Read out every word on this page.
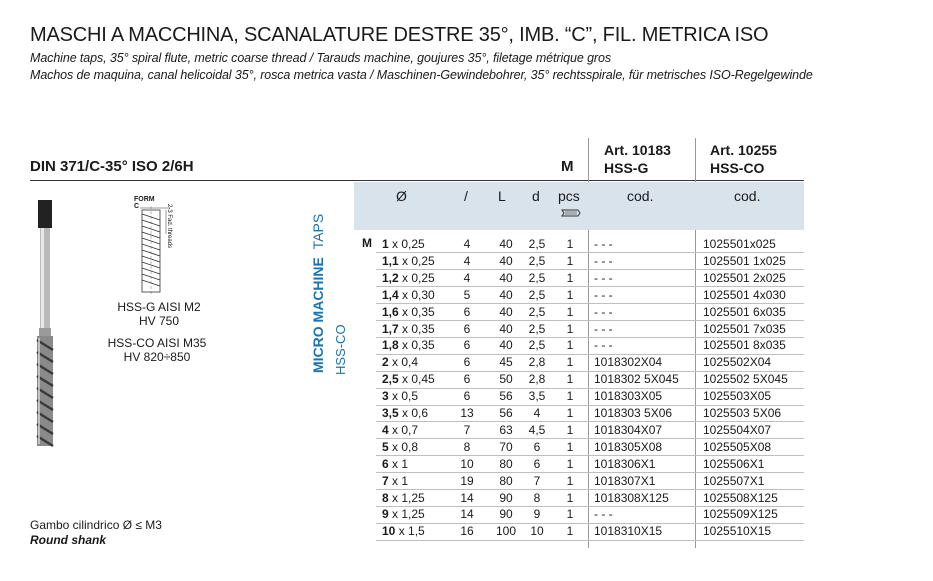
MASCHI A MACCHINA, SCANALATURE DESTRE 35°, IMB. “C”, FIL. METRICA ISO
Machine taps, 35° spiral flute, metric coarse thread / Tarauds machine, goujures 35°, filetage métrique gros
Machos de maquina, canal helicoidal 35°, rosca metrica vasta / Maschinen-Gewindebohrer, 35° rechtsspirale, für metrisches ISO-Regelgewinde
DIN 371/C-35° ISO 2/6H	M
Art. 10183
HSS-G
Art. 10255
HSS-CO
FORM C	2-3 Fad. threads
HSS-G AISI M2
HV 750
HSS-CO AISI M35
HV 820÷850
Gambo cilindrico Ø ≤ M3
Round shank
MICRO MACHINE  TAPS
HSS-CO
Ø	/ L d pcs	cod.	cod.
M 1 x 0,25	4	40	2,5	1	- - -	1025501x025
1,1 x 0,25	4	40	2,5	1	- - -	1025501 1x025
1,2 x 0,25	4	40	2,5	1	- - -	1025501 2x025
1,4 x 0,30	5	40	2,5	1	- - -	1025501 4x030
1,6 x 0,35	6	40	2,5	1	- - -	1025501 6x035
1,7 x 0,35	6	40	2,5	1	- - -	1025501 7x035
1,8 x 0,35	6	40	2,5	1	- - -	1025501 8x035
2 x 0,4	6	45	2,8	1	1018302X04	1025502X04
2,5 x 0,45	6	50	2,8	1	1018302 5X045	1025502 5X045
3 x 0,5	6	56	3,5	1	1018303X05	1025503X05
3,5 x 0,6	13	56	4	1	1018303 5X06	1025503 5X06
4 x 0,7	7	63	4,5	1	1018304X07	1025504X07
5 x 0,8	8	70	6	1	1018305X08	1025505X08
6 x 1	10	80	6	1	1018306X1	1025506X1
7 x 1	19	80	7	1	1018307X1	1025507X1
8 x 1,25	14	90	8	1	1018308X125	1025508X125
9 x 1,25	14	90	9	1	- - -	1025509X125
10 x 1,5	16	100	10	1	1018310X15	1025510X15
